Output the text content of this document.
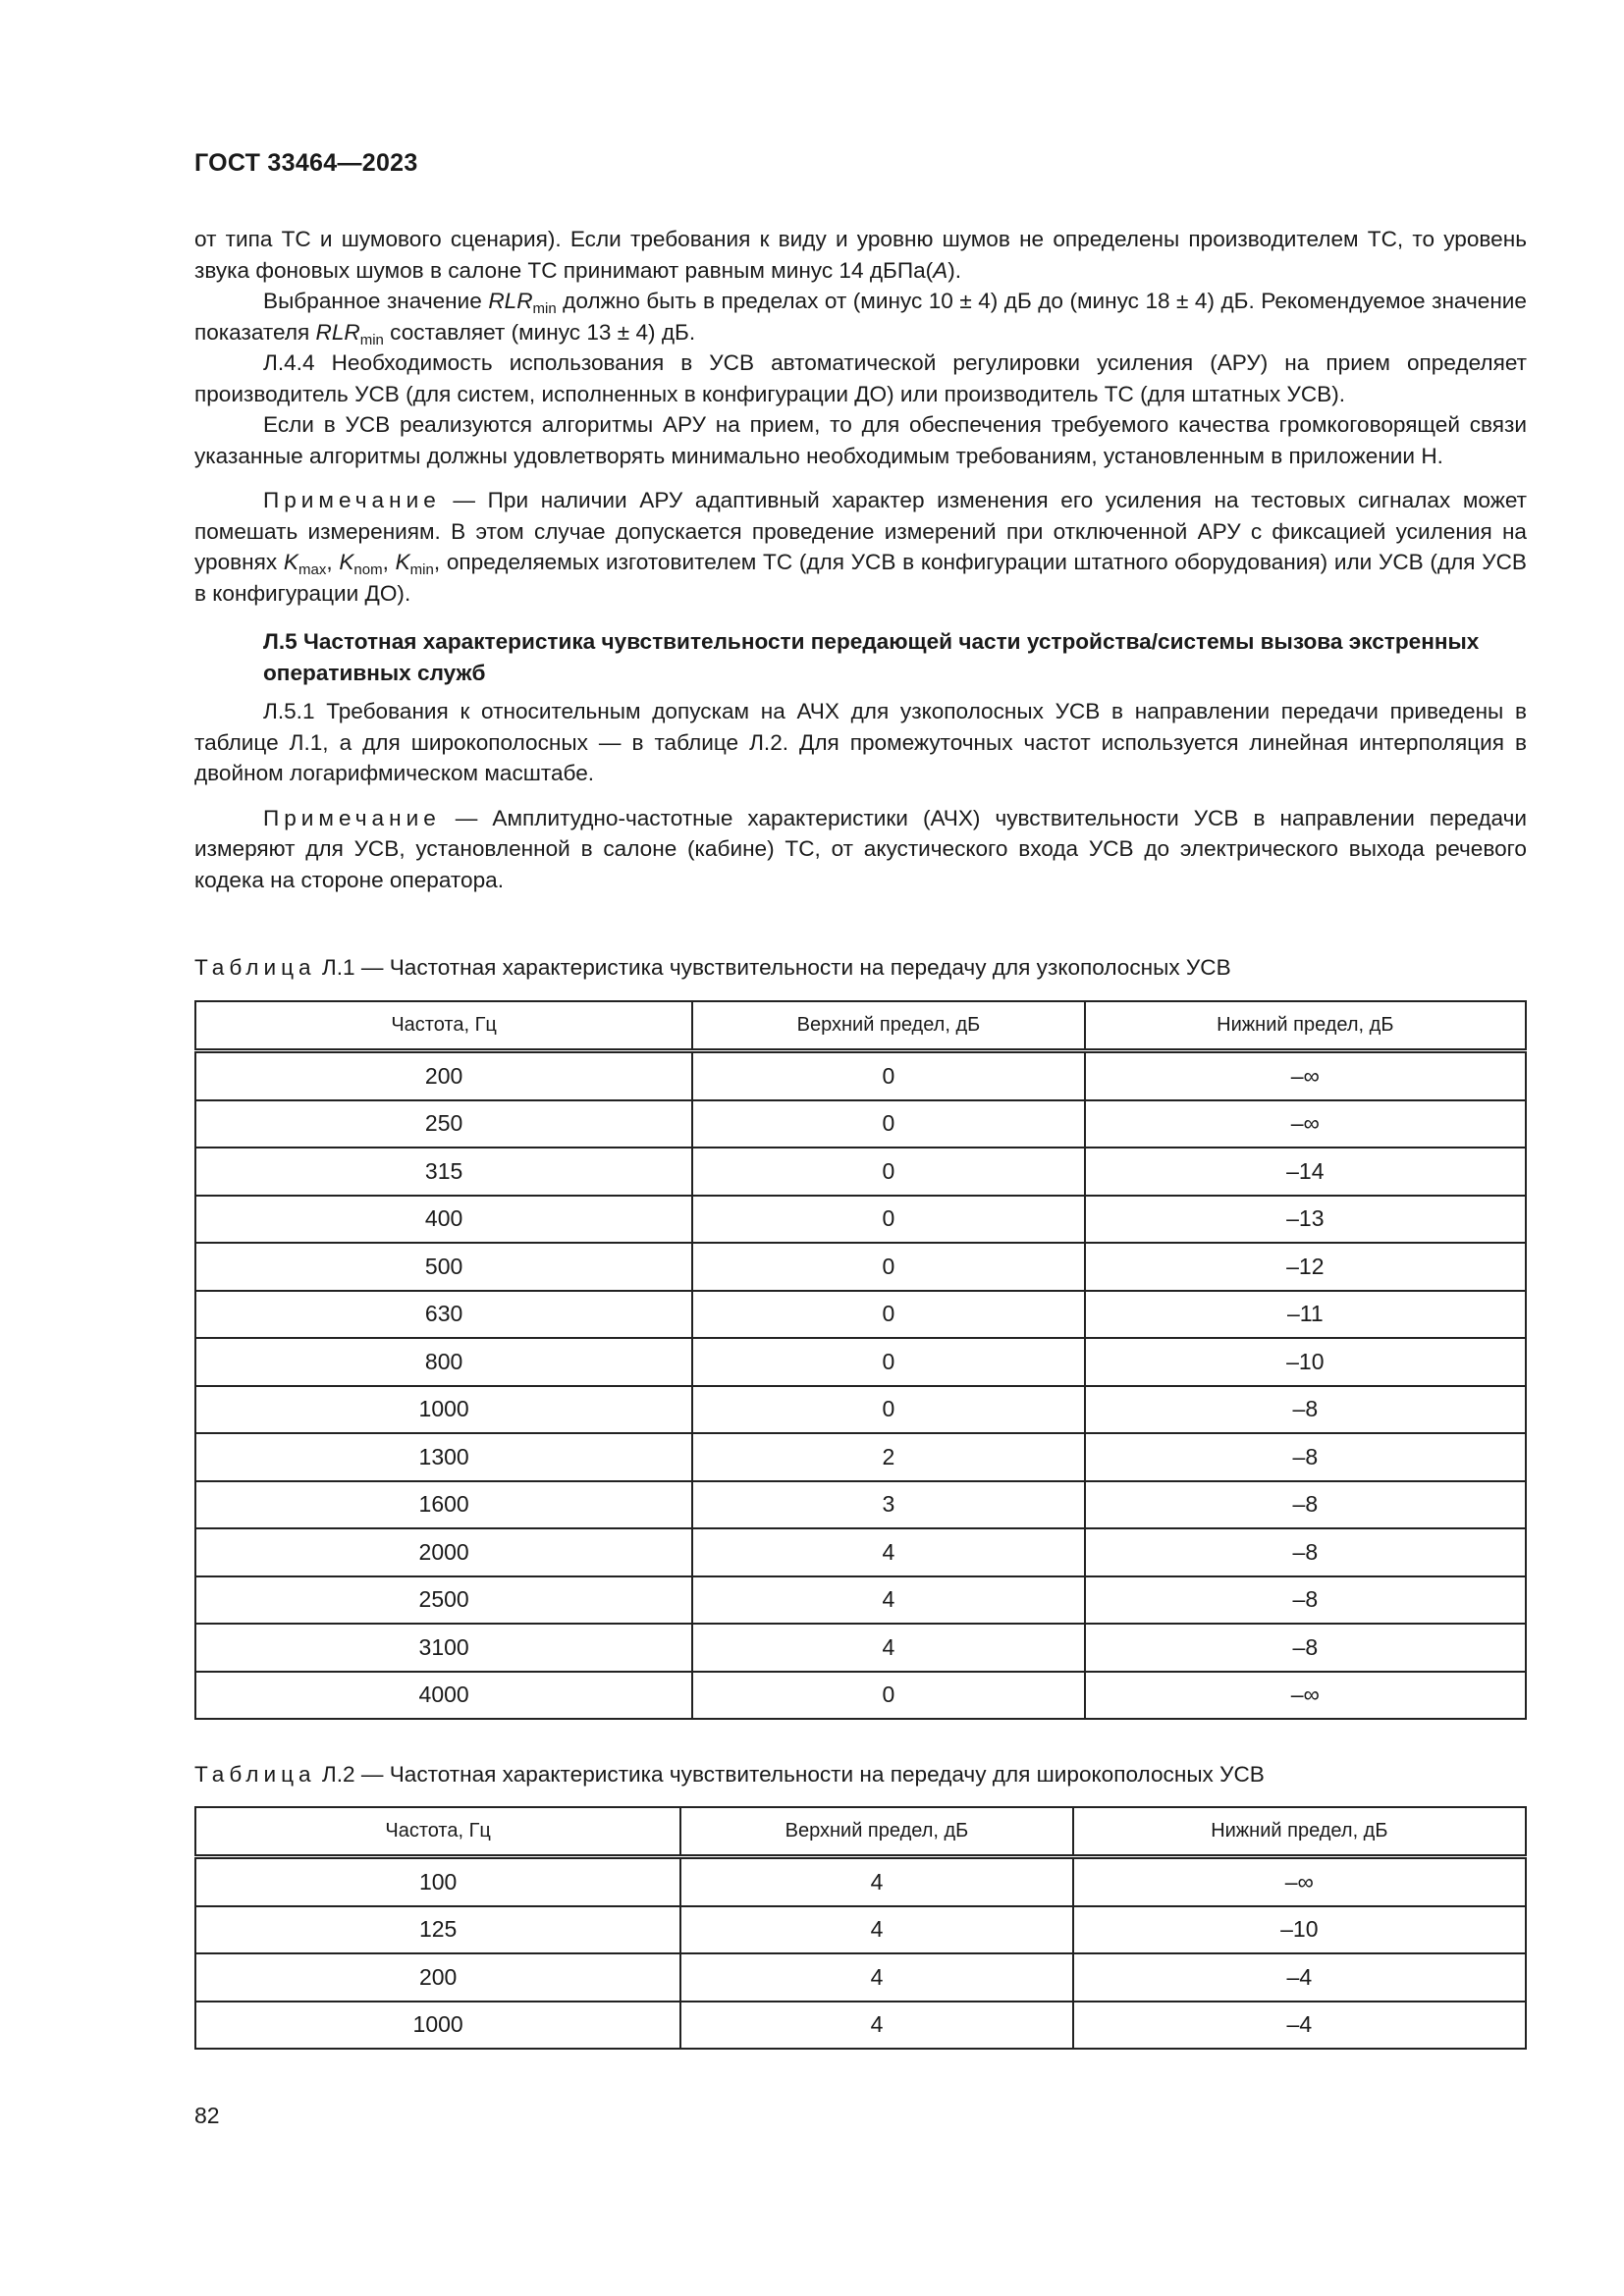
ГОСТ 33464—2023

от типа ТС и шумового сценария). Если требования к виду и уровню шумов не определены производителем ТС, то уровень звука фоновых шумов в салоне ТС принимают равным минус 14 дБПа(A).

Выбранное значение $RLR_{min}$ должно быть в пределах от (минус 10 ± 4) дБ до (минус 18 ± 4) дБ. Рекомендуемое значение показателя $RLR_{min}$ составляет (минус 13 ± 4) дБ.

Л.4.4 Необходимость использования в УСВ автоматической регулировки усиления (АРУ) на прием определяет производитель УСВ (для систем, исполненных в конфигурации ДО) или производитель ТС (для штатных УСВ).

Если в УСВ реализуются алгоритмы АРУ на прием, то для обеспечения требуемого качества громкоговорящей связи указанные алгоритмы должны удовлетворять минимально необходимым требованиям, установленным в приложении Н.

Примечание — При наличии АРУ адаптивный характер изменения его усиления на тестовых сигналах может помешать измерениям. В этом случае допускается проведение измерений при отключенной АРУ с фиксацией усиления на уровнях $K_{max}$, $K_{nom}$, $K_{min}$, определяемых изготовителем ТС (для УСВ в конфигурации штатного оборудования) или УСВ (для УСВ в конфигурации ДО).

Л.5 Частотная характеристика чувствительности передающей части устройства/системы вызова экстренных оперативных служб

Л.5.1 Требования к относительным допускам на АЧХ для узкополосных УСВ в направлении передачи приведены в таблице Л.1, а для широкополосных — в таблице Л.2. Для промежуточных частот используется линейная интерполяция в двойном логарифмическом масштабе.

Примечание — Амплитудно-частотные характеристики (АЧХ) чувствительности УСВ в направлении передачи измеряют для УСВ, установленной в салоне (кабине) ТС, от акустического входа УСВ до электрического выхода речевого кодека на стороне оператора.

Таблица Л.1 — Частотная характеристика чувствительности на передачу для узкополосных УСВ
Частота, Гц	Верхний предел, дБ	Нижний предел, дБ
200	0	–∞
250	0	–∞
315	0	–14
400	0	–13
500	0	–12
630	0	–11
800	0	–10
1000	0	–8
1300	2	–8
1600	3	–8
2000	4	–8
2500	4	–8
3100	4	–8
4000	0	–∞
Таблица Л.2 — Частотная характеристика чувствительности на передачу для широкополосных УСВ
Частота, Гц	Верхний предел, дБ	Нижний предел, дБ
100	4	–∞
125	4	–10
200	4	–4
1000	4	–4
82
